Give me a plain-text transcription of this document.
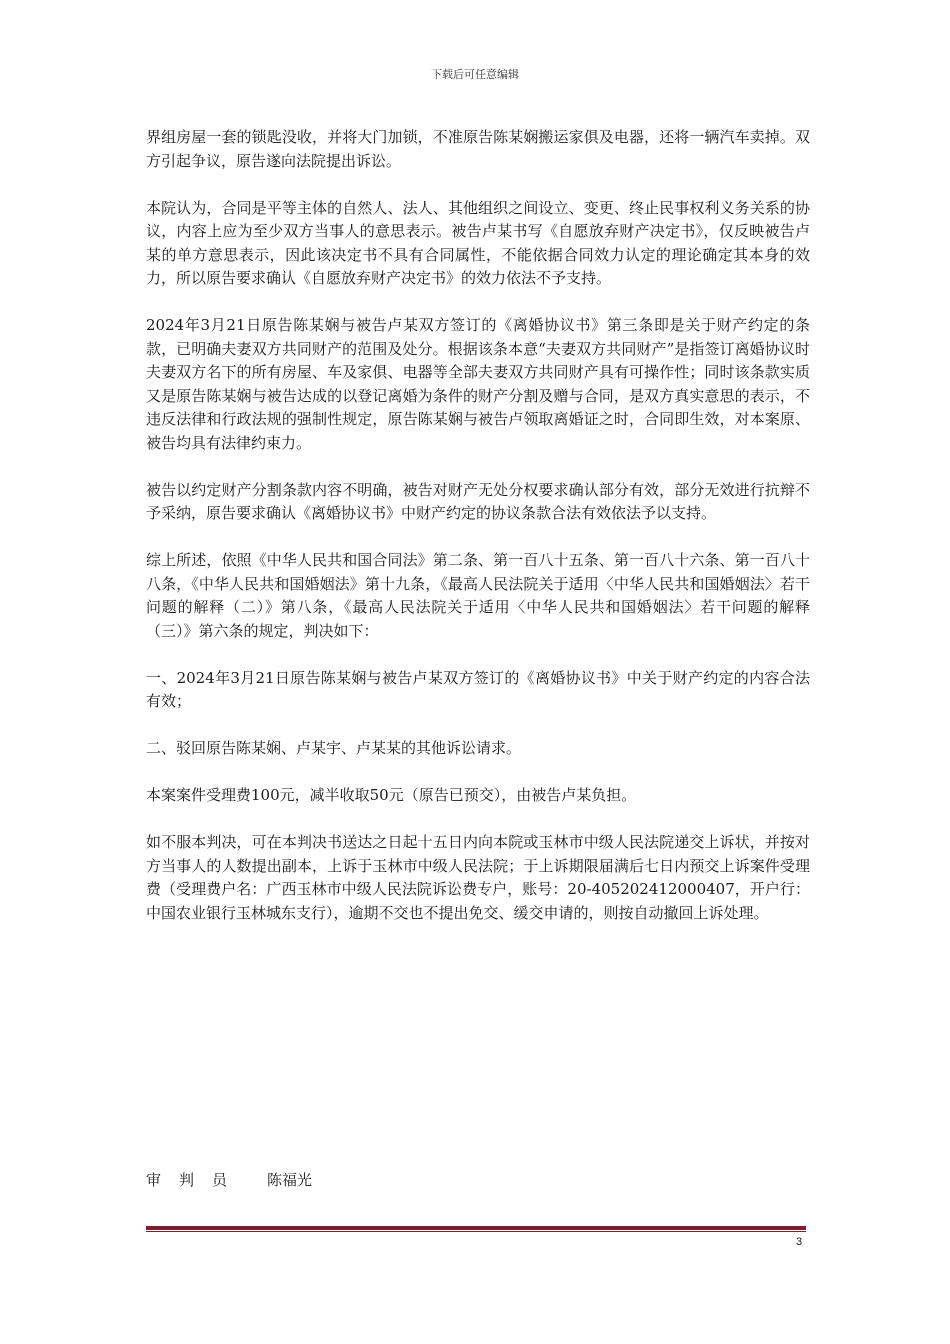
下载后可任意编辑

界组房屋一套的锁匙没收，并将大门加锁，不准原告陈某娴搬运家俱及电器，还将一辆汽车卖掉。双方引起争议，原告遂向法院提出诉讼。

本院认为，合同是平等主体的自然人、法人、其他组织之间设立、变更、终止民事权利义务关系的协议，内容上应为至少双方当事人的意思表示。被告卢某书写《自愿放弃财产决定书》，仅反映被告卢某的单方意思表示，因此该决定书不具有合同属性，不能依据合同效力认定的理论确定其本身的效力，所以原告要求确认《自愿放弃财产决定书》的效力依法不予支持。

2024年3月21日原告陈某娴与被告卢某双方签订的《离婚协议书》第三条即是关于财产约定的条款，已明确夫妻双方共同财产的范围及处分。根据该条本意“夫妻双方共同财产”是指签订离婚协议时夫妻双方名下的所有房屋、车及家俱、电器等全部夫妻双方共同财产具有可操作性；同时该条款实质又是原告陈某娴与被告达成的以登记离婚为条件的财产分割及赠与合同，是双方真实意思的表示，不违反法律和行政法规的强制性规定，原告陈某娴与被告卢领取离婚证之时，合同即生效，对本案原、被告均具有法律约束力。

被告以约定财产分割条款内容不明确，被告对财产无处分权要求确认部分有效，部分无效进行抗辩不予采纳，原告要求确认《离婚协议书》中财产约定的协议条款合法有效依法予以支持。

综上所述，依照《中华人民共和国合同法》第二条、第一百八十五条、第一百八十六条、第一百八十八条，《中华人民共和国婚姻法》第十九条，《最高人民法院关于适用〈中华人民共和国婚姻法〉若干问题的解释（二）》第八条，《最高人民法院关于适用〈中华人民共和国婚姻法〉若干问题的解释（三）》第六条的规定，判决如下：

一、2024年3月21日原告陈某娴与被告卢某双方签订的《离婚协议书》中关于财产约定的内容合法有效；

二、驳回原告陈某娴、卢某宇、卢某某的其他诉讼请求。

本案案件受理费100元，减半收取50元（原告已预交），由被告卢某负担。

如不服本判决，可在本判决书送达之日起十五日内向本院或玉林市中级人民法院递交上诉状，并按对方当事人的人数提出副本，上诉于玉林市中级人民法院；于上诉期限届满后七日内预交上诉案件受理费（受理费户名：广西玉林市中级人民法院诉讼费专户，账号：20-405202412000407，开户行：中国农业银行玉林城东支行），逾期不交也不提出免交、缓交申请的，则按自动撤回上诉处理。

审判员 陈福光
3
